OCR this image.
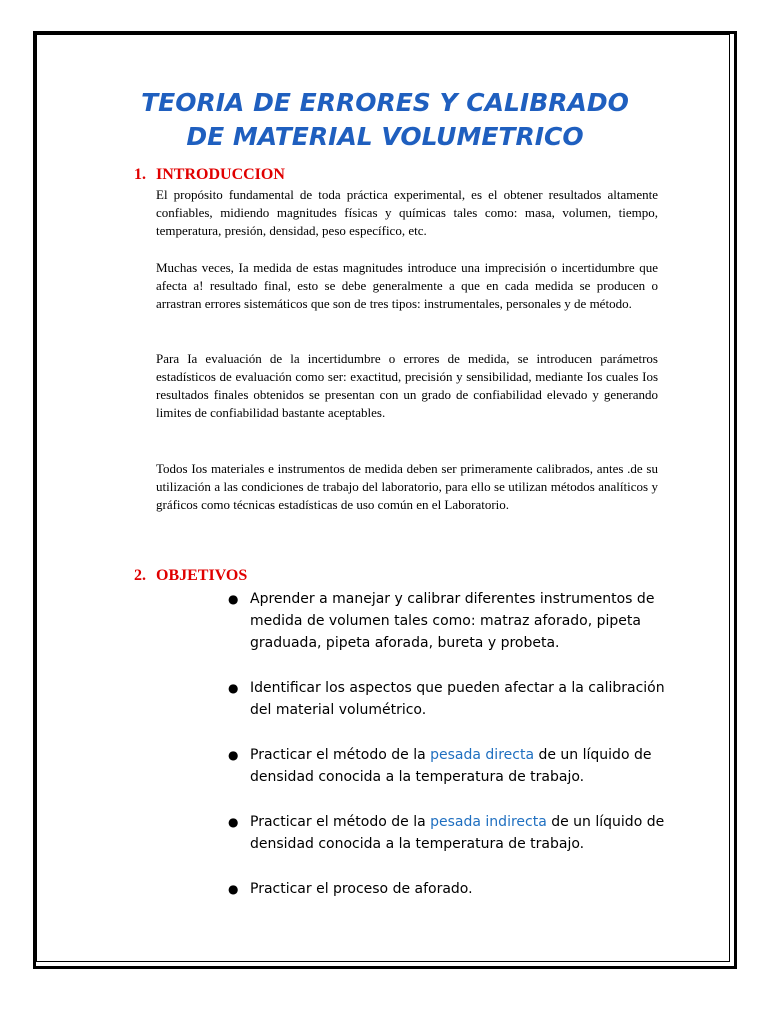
TEORIA DE ERRORES Y CALIBRADO
DE MATERIAL VOLUMETRICO
1. INTRODUCCION

El propósito fundamental de toda práctica experimental, es el obtener resultados altamente confiables, midiendo magnitudes físicas y químicas tales como: masa, volumen, tiempo, temperatura, presión, densidad, peso específico, etc.

Muchas veces, Ia medida de estas magnitudes introduce una imprecisión o incertidumbre que afecta a! resultado final, esto se debe generalmente a que en cada medida se producen o arrastran errores sistemáticos que son de tres tipos: instrumentales, personales y de método.

Para Ia evaluación de la incertidumbre o errores de medida, se introducen parámetros estadísticos de evaluación como ser: exactitud, precisión y sensibilidad, mediante Ios cuales Ios resultados finales obtenidos se presentan con un grado de confiabilidad elevado y generando limites de confiabilidad bastante aceptables.

Todos Ios materiales e instrumentos de medida deben ser primeramente calibrados, antes .de su utilización a las condiciones de trabajo del laboratorio, para ello se utilizan métodos analíticos y gráficos como técnicas estadísticas de uso común en el Laboratorio.

2. OBJETIVOS
● Aprender a manejar y calibrar diferentes instrumentos de medida de volumen tales como: matraz aforado, pipeta graduada, pipeta aforada, bureta y probeta.
● Identificar los aspectos que pueden afectar a la calibración del material volumétrico.
● Practicar el método de la pesada directa de un líquido de densidad conocida a la temperatura de trabajo.
● Practicar el método de la pesada indirecta de un líquido de densidad conocida a la temperatura de trabajo.
● Practicar el proceso de aforado.
